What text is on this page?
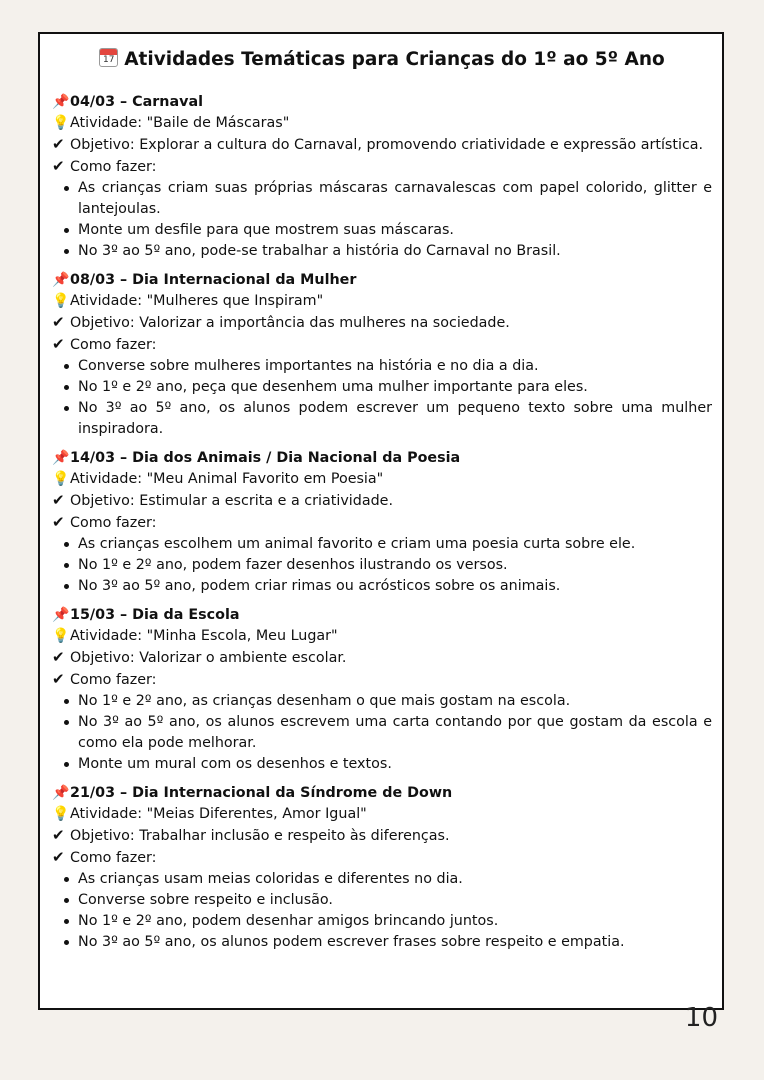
17 Atividades Temáticas para Crianças do 1º ao 5º Ano
📌04/03 – Carnaval
💡Atividade: "Baile de Máscaras"
✔ Objetivo: Explorar a cultura do Carnaval, promovendo criatividade e expressão artística.
✔ Como fazer:
As crianças criam suas próprias máscaras carnavalescas com papel colorido, glitter e lantejoulas.
Monte um desfile para que mostrem suas máscaras.
No 3º ao 5º ano, pode-se trabalhar a história do Carnaval no Brasil.
📌08/03 – Dia Internacional da Mulher
💡Atividade: "Mulheres que Inspiram"
✔ Objetivo: Valorizar a importância das mulheres na sociedade.
✔ Como fazer:
Converse sobre mulheres importantes na história e no dia a dia.
No 1º e 2º ano, peça que desenhem uma mulher importante para eles.
No 3º ao 5º ano, os alunos podem escrever um pequeno texto sobre uma mulher inspiradora.
📌14/03 – Dia dos Animais / Dia Nacional da Poesia
💡Atividade: "Meu Animal Favorito em Poesia"
✔ Objetivo: Estimular a escrita e a criatividade.
✔ Como fazer:
As crianças escolhem um animal favorito e criam uma poesia curta sobre ele.
No 1º e 2º ano, podem fazer desenhos ilustrando os versos.
No 3º ao 5º ano, podem criar rimas ou acrósticos sobre os animais.
📌15/03 – Dia da Escola
💡Atividade: "Minha Escola, Meu Lugar"
✔ Objetivo: Valorizar o ambiente escolar.
✔ Como fazer:
No 1º e 2º ano, as crianças desenham o que mais gostam na escola.
No 3º ao 5º ano, os alunos escrevem uma carta contando por que gostam da escola e como ela pode melhorar.
Monte um mural com os desenhos e textos.
📌21/03 – Dia Internacional da Síndrome de Down
💡Atividade: "Meias Diferentes, Amor Igual"
✔ Objetivo: Trabalhar inclusão e respeito às diferenças.
✔ Como fazer:
As crianças usam meias coloridas e diferentes no dia.
Converse sobre respeito e inclusão.
No 1º e 2º ano, podem desenhar amigos brincando juntos.
No 3º ao 5º ano, os alunos podem escrever frases sobre respeito e empatia.
10
